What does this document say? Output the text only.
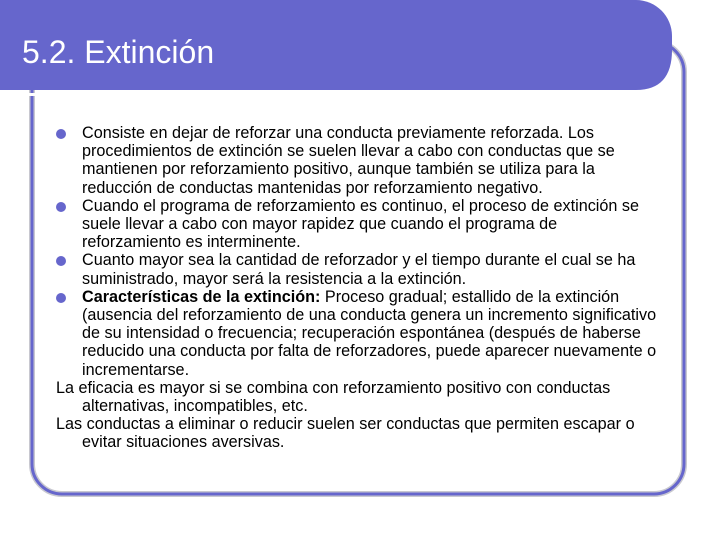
5.2. Extinción

Consiste en dejar de reforzar una conducta previamente reforzada. Los procedimientos de extinción se suelen llevar a cabo con conductas que se mantienen por reforzamiento positivo, aunque también se utiliza para la reducción de conductas mantenidas por reforzamiento negativo.

Cuando el programa de reforzamiento es continuo, el proceso de extinción se suele llevar a cabo con mayor rapidez que cuando el programa de reforzamiento es interminente.

Cuanto mayor sea la cantidad de reforzador y el tiempo durante el cual se ha suministrado, mayor será la resistencia a la extinción.

Características de la extinción: Proceso gradual; estallido de la extinción (ausencia del reforzamiento de una conducta genera un incremento significativo de su intensidad o frecuencia; recuperación espontánea (después de haberse reducido una conducta por falta de reforzadores, puede aparecer nuevamente o incrementarse.

La eficacia es mayor si se combina con reforzamiento positivo con conductas alternativas, incompatibles, etc.

Las conductas a eliminar o reducir suelen ser conductas que permiten escapar o evitar situaciones aversivas.
